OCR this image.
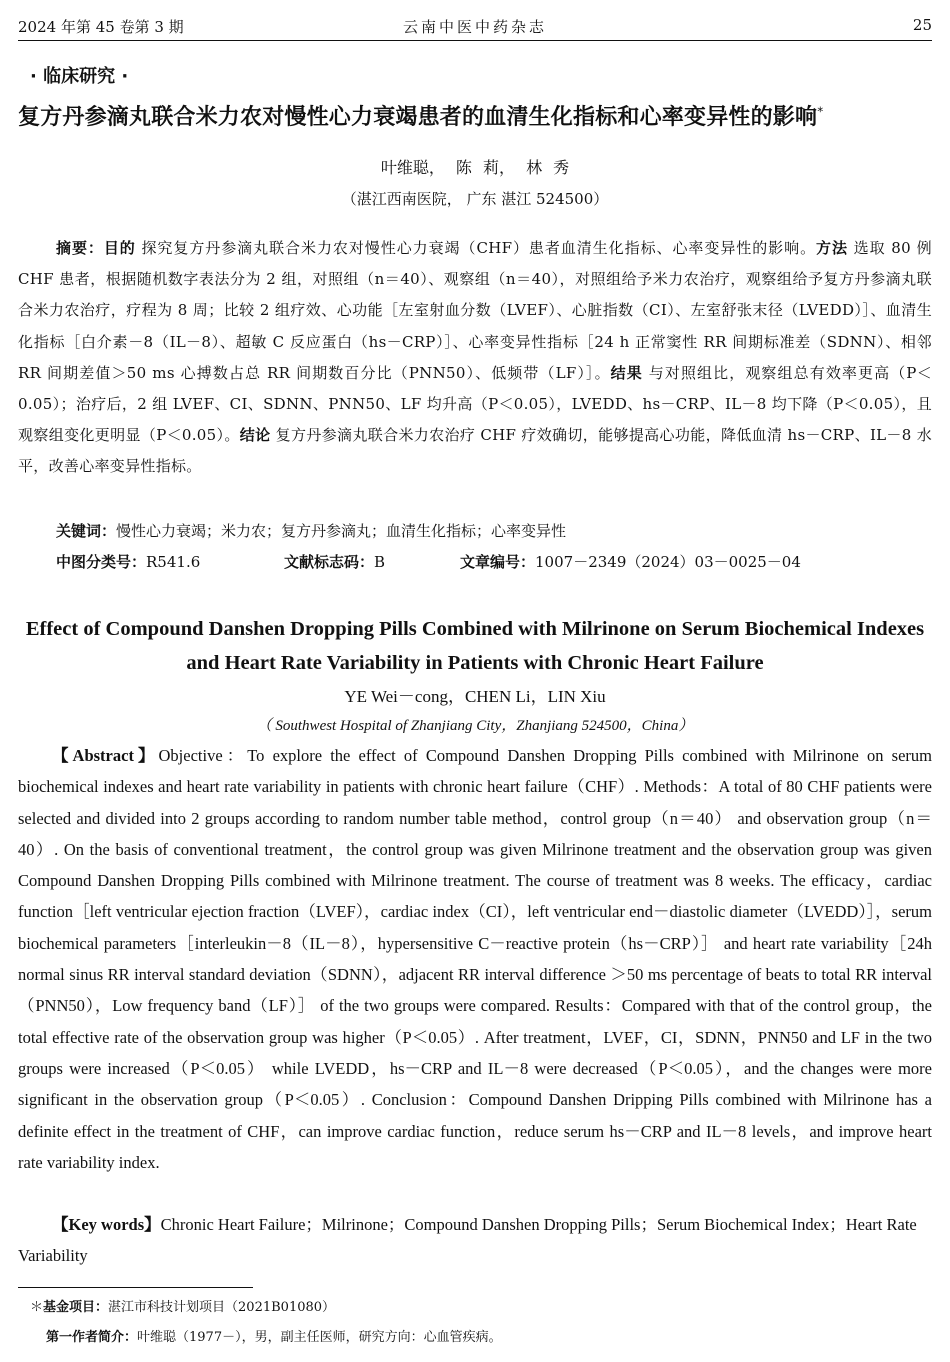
2024 年第 45 卷第 3 期	云南中医中药杂志	25
· 临床研究 ·
复方丹参滴丸联合米力农对慢性心力衰竭患者的血清生化指标和心率变异性的影响*
叶维聪， 陈 莉， 林 秀
（湛江西南医院， 广东 湛江 524500）
摘要：目的 探究复方丹参滴丸联合米力农对慢性心力衰竭（CHF）患者血清生化指标、心率变异性的影响。方法 选取 80 例 CHF 患者，根据随机数字表法分为 2 组，对照组（n＝40）、观察组（n＝40），对照组给予米力农治疗，观察组给予复方丹参滴丸联合米力农治疗，疗程为 8 周；比较 2 组疗效、心功能［左室射血分数（LVEF）、心脏指数（CI）、左室舒张末径（LVEDD）］、血清生化指标［白介素－8（IL－8）、超敏 C 反应蛋白（hs－CRP）］、心率变异性指标［24 h 正常窦性 RR 间期标准差（SDNN）、相邻 RR 间期差值＞50 ms 心搏数占总 RR 间期数百分比（PNN50）、低频带（LF）］。结果 与对照组比，观察组总有效率更高（P＜0.05）；治疗后，2 组 LVEF、CI、SDNN、PNN50、LF 均升高（P＜0.05），LVEDD、hs－CRP、IL－8 均下降（P＜0.05），且观察组变化更明显（P＜0.05）。结论 复方丹参滴丸联合米力农治疗 CHF 疗效确切，能够提高心功能，降低血清 hs－CRP、IL－8 水平，改善心率变异性指标。
关键词：慢性心力衰竭；米力农；复方丹参滴丸；血清生化指标；心率变异性
中图分类号：R541.6	文献标志码：B	文章编号：1007－2349（2024）03－0025－04
Effect of Compound Danshen Dropping Pills Combined with Milrinone on Serum Biochemical Indexes and Heart Rate Variability in Patients with Chronic Heart Failure
YE Wei－cong，CHEN Li，LIN Xiu
（ Southwest Hospital of Zhanjiang City，Zhanjiang 524500，China）
【Abstract】Objective：To explore the effect of Compound Danshen Dropping Pills combined with Milrinone on serum biochemical indexes and heart rate variability in patients with chronic heart failure（CHF）. Methods：A total of 80 CHF patients were selected and divided into 2 groups according to random number table method，control group（n＝40） and observation group（n＝40）. On the basis of conventional treatment，the control group was given Milrinone treatment and the observation group was given Compound Danshen Dropping Pills combined with Milrinone treatment. The course of treatment was 8 weeks. The efficacy，cardiac function［left ventricular ejection fraction（LVEF），cardiac index（CI），left ventricular end－diastolic diameter（LVEDD）］，serum biochemical parameters［interleukin－8（IL－8），hypersensitive C－reactive protein（hs－CRP）］ and heart rate variability［24h normal sinus RR interval standard deviation（SDNN），adjacent RR interval difference ＞50 ms percentage of beats to total RR interval（PNN50），Low frequency band（LF）］ of the two groups were compared. Results：Compared with that of the control group，the total effective rate of the observation group was higher（P＜0.05）. After treatment，LVEF，CI，SDNN，PNN50 and LF in the two groups were increased（P＜0.05） while LVEDD，hs－CRP and IL－8 were decreased（P＜0.05），and the changes were more significant in the observation group（P＜0.05）. Conclusion：Compound Danshen Dripping Pills combined with Milrinone has a definite effect in the treatment of CHF，can improve cardiac function，reduce serum hs－CRP and IL－8 levels，and improve heart rate variability index.
【Key words】Chronic Heart Failure；Milrinone；Compound Danshen Dropping Pills；Serum Biochemical Index；Heart Rate Variability
＊基金项目：湛江市科技计划项目（2021B01080）
第一作者简介：叶维聪（1977－），男，副主任医师，研究方向：心血管疾病。
